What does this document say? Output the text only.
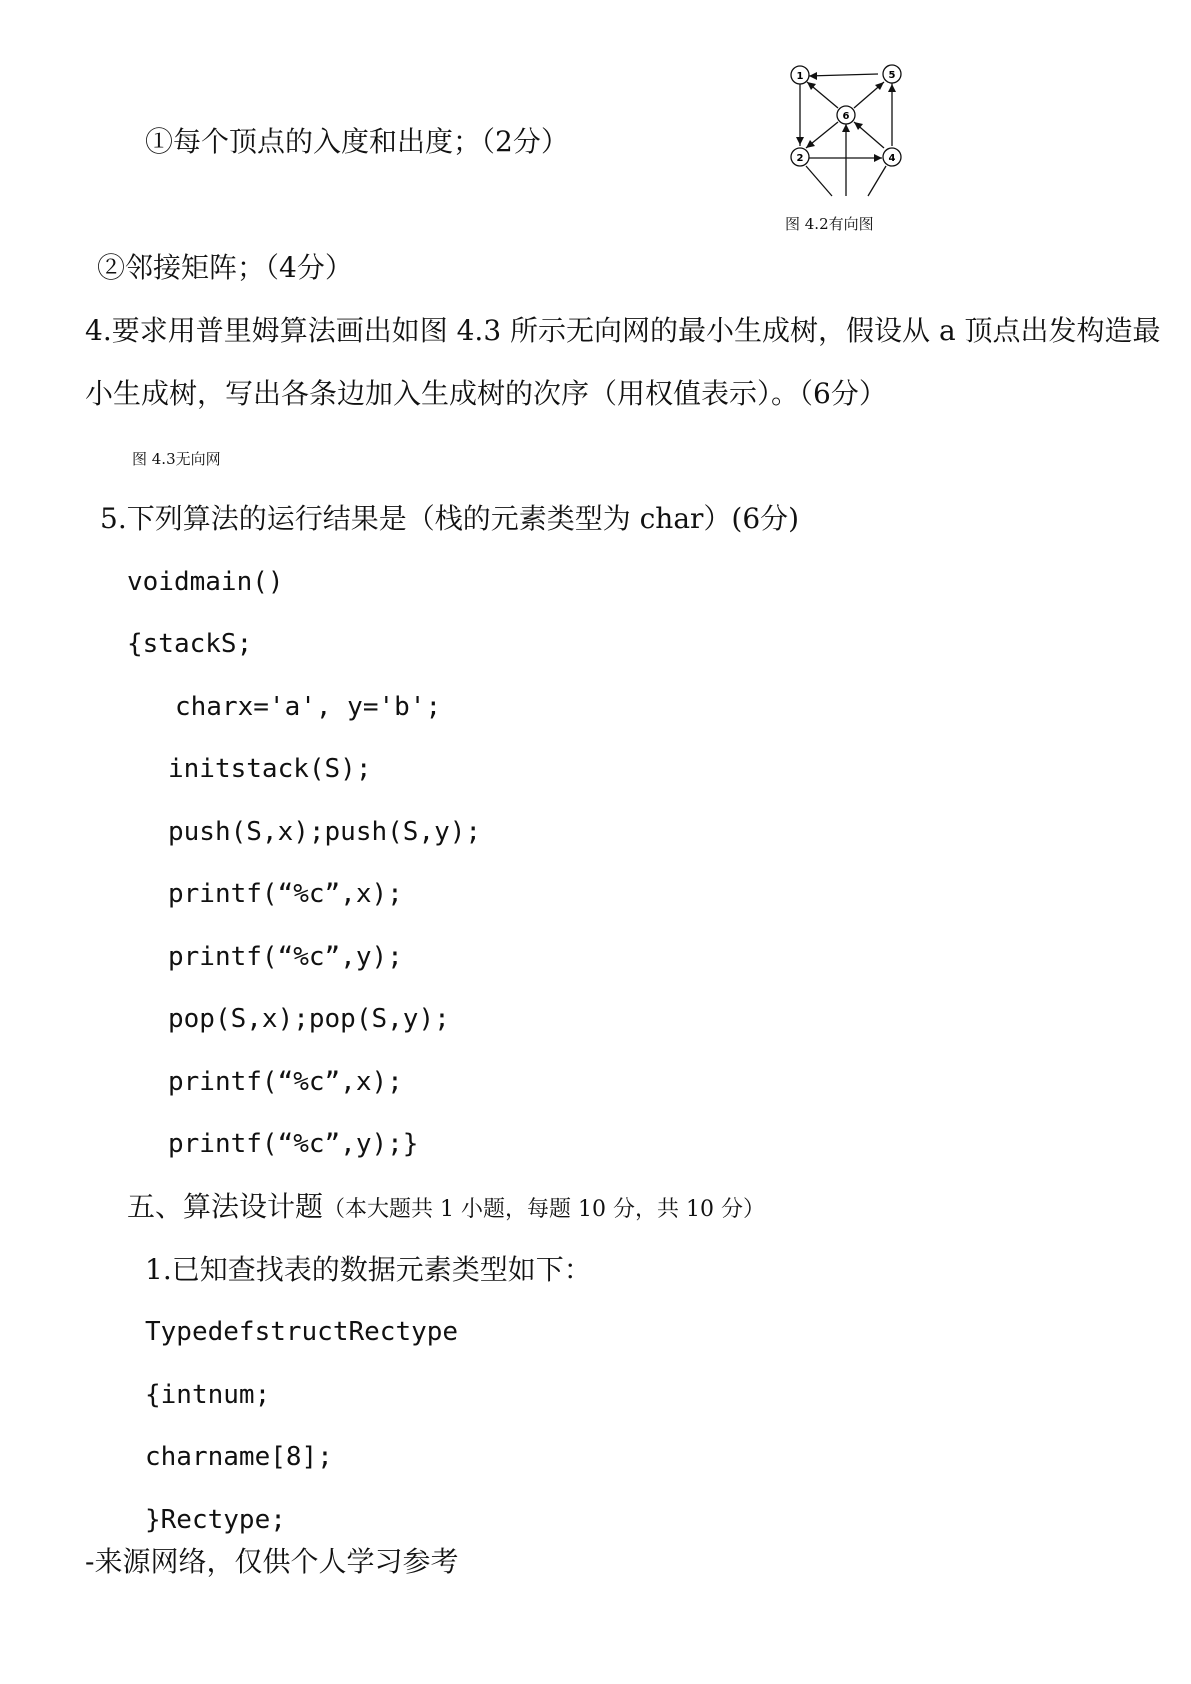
①每个顶点的入度和出度；（2分）
②邻接矩阵；（4分）
1	5
6
2	4
图 4.2有向图
4.要求用普里姆算法画出如图 4.3 所示无向网的最小生成树，假设从 a 顶点出发构造最
小生成树，写出各条边加入生成树的次序（用权值表示）。（6分）
图 4.3无向网
5.下列算法的运行结果是（栈的元素类型为 char）(6分)
voidmain()
{stackS;
charx='a', y='b';
initstack(S);
push(S,x);push(S,y);
printf(“%c”,x);
printf(“%c”,y);
pop(S,x);pop(S,y);
printf(“%c”,x);
printf(“%c”,y);}
五、算法设计题（本大题共 1 小题，每题 10 分，共 10 分）
1.已知查找表的数据元素类型如下：
TypedefstructRectype
{intnum;
charname[8];
}Rectype;
-来源网络，仅供个人学习参考
